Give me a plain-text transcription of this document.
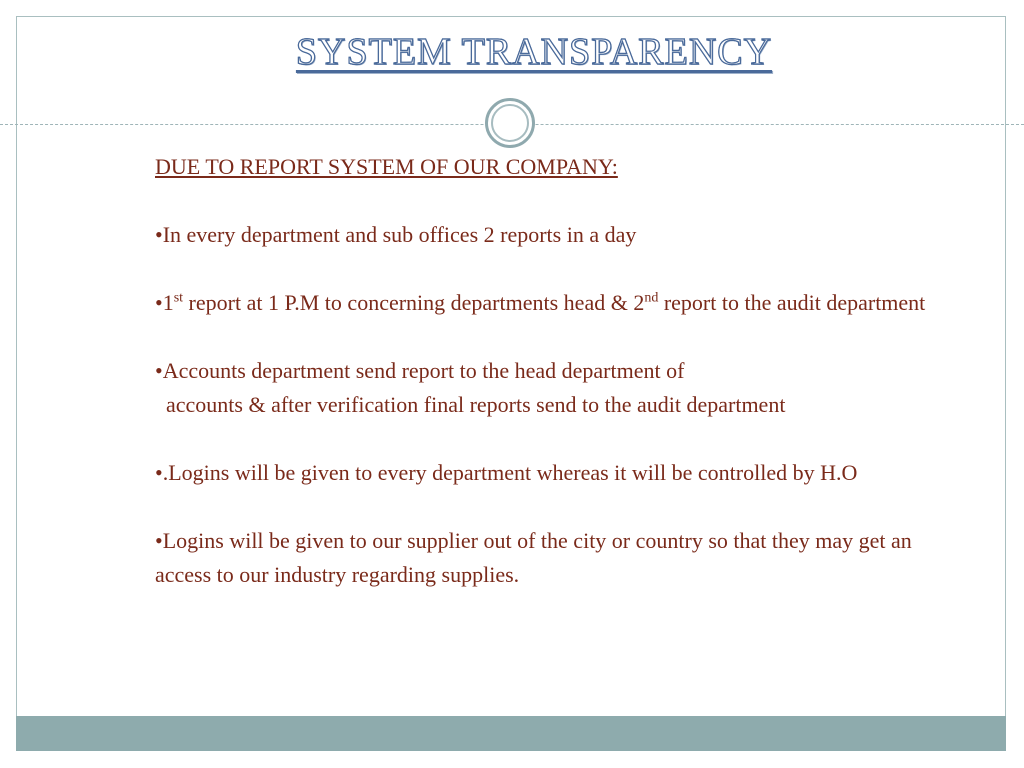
SYSTEM TRANSPARENCY
DUE TO REPORT SYSTEM OF OUR COMPANY:
•In every department and sub offices 2 reports in a day
•1st report at 1 P.M to concerning departments head & 2nd report to the audit department
•Accounts department send report to the head department of
accounts & after verification final reports send to the audit department
•.Logins will be given to every department whereas it will be controlled by H.O
•Logins will be given to our supplier out of the city or country so that they may get an access to our industry regarding supplies.
